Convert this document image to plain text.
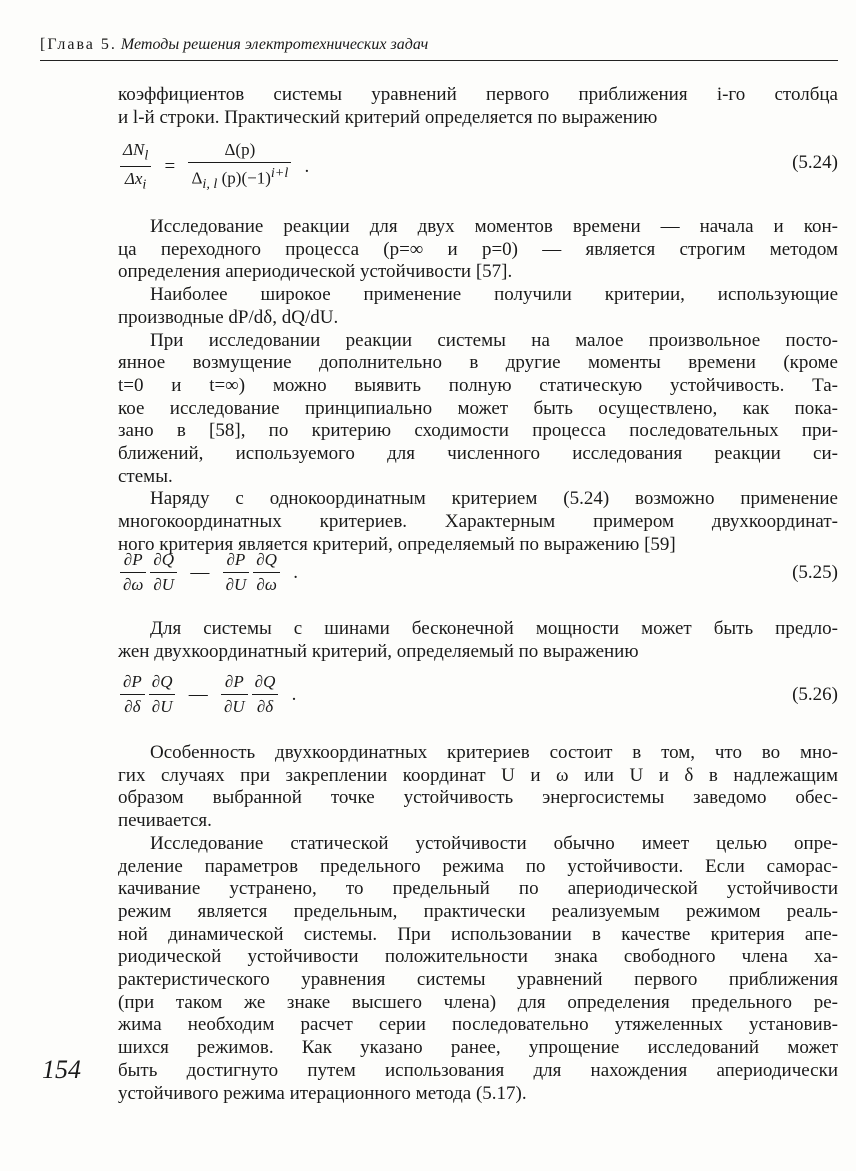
[Глава 5. Методы решения электротехнических задач

коэффициентов системы уравнений первого приближения i-го столбца

и l-й строки. Практический критерий определяется по выражению

$\frac{\Delta N_l}{\Delta x_i} = \frac{\Delta(p)}{\Delta_{i, l} (p)(-1)^{i+l}}$ .	(5.24)

Исследование реакции для двух моментов времени — начала и кон-

ца переходного процесса (p=∞ и p=0) — является строгим методом

определения апериодической устойчивости [57].

Наиболее широкое применение получили критерии, использующие

производные dP/dδ, dQ/dU.

При исследовании реакции системы на малое произвольное посто-

янное возмущение дополнительно в другие моменты времени (кроме

t=0 и t=∞) можно выявить полную статическую устойчивость. Та-

кое исследование принципиально может быть осуществлено, как пока-

зано в [58], по критерию сходимости процесса последовательных при-

ближений, используемого для численного исследования реакции си-

стемы.

Наряду с однокоординатным критерием (5.24) возможно применение

многокоординатных критериев. Характерным примером двухкоординат-

ного критерия является критерий, определяемый по выражению [59]

$\frac{\partial P}{\partial\omega} \frac{\partial Q}{\partial U}$ — $\frac{\partial P}{\partial U} \frac{\partial Q}{\partial\omega}$ .	(5.25)

Для системы с шинами бесконечной мощности может быть предло-

жен двухкоординатный критерий, определяемый по выражению

$\frac{\partial P}{\partial\delta} \frac{\partial Q}{\partial U}$ — $\frac{\partial P}{\partial U} \frac{\partial Q}{\partial\delta}$ .	(5.26)

Особенность двухкоординатных критериев состоит в том, что во мно-

гих случаях при закреплении координат U и ω или U и δ в надлежащим

образом выбранной точке устойчивость энергосистемы заведомо обес-

печивается.

Исследование статической устойчивости обычно имеет целью опре-

деление параметров предельного режима по устойчивости. Если саморас-

качивание устранено, то предельный по апериодической устойчивости

режим является предельным, практически реализуемым режимом реаль-

ной динамической системы. При использовании в качестве критерия апе-

риодической устойчивости положительности знака свободного члена ха-

рактеристического уравнения системы уравнений первого приближения

(при таком же знаке высшего члена) для определения предельного ре-

жима необходим расчет серии последовательно утяжеленных установив-

шихся режимов. Как указано ранее, упрощение исследований может

быть достигнуто путем использования для нахождения апериодически

устойчивого режима итерационного метода (5.17).

154
